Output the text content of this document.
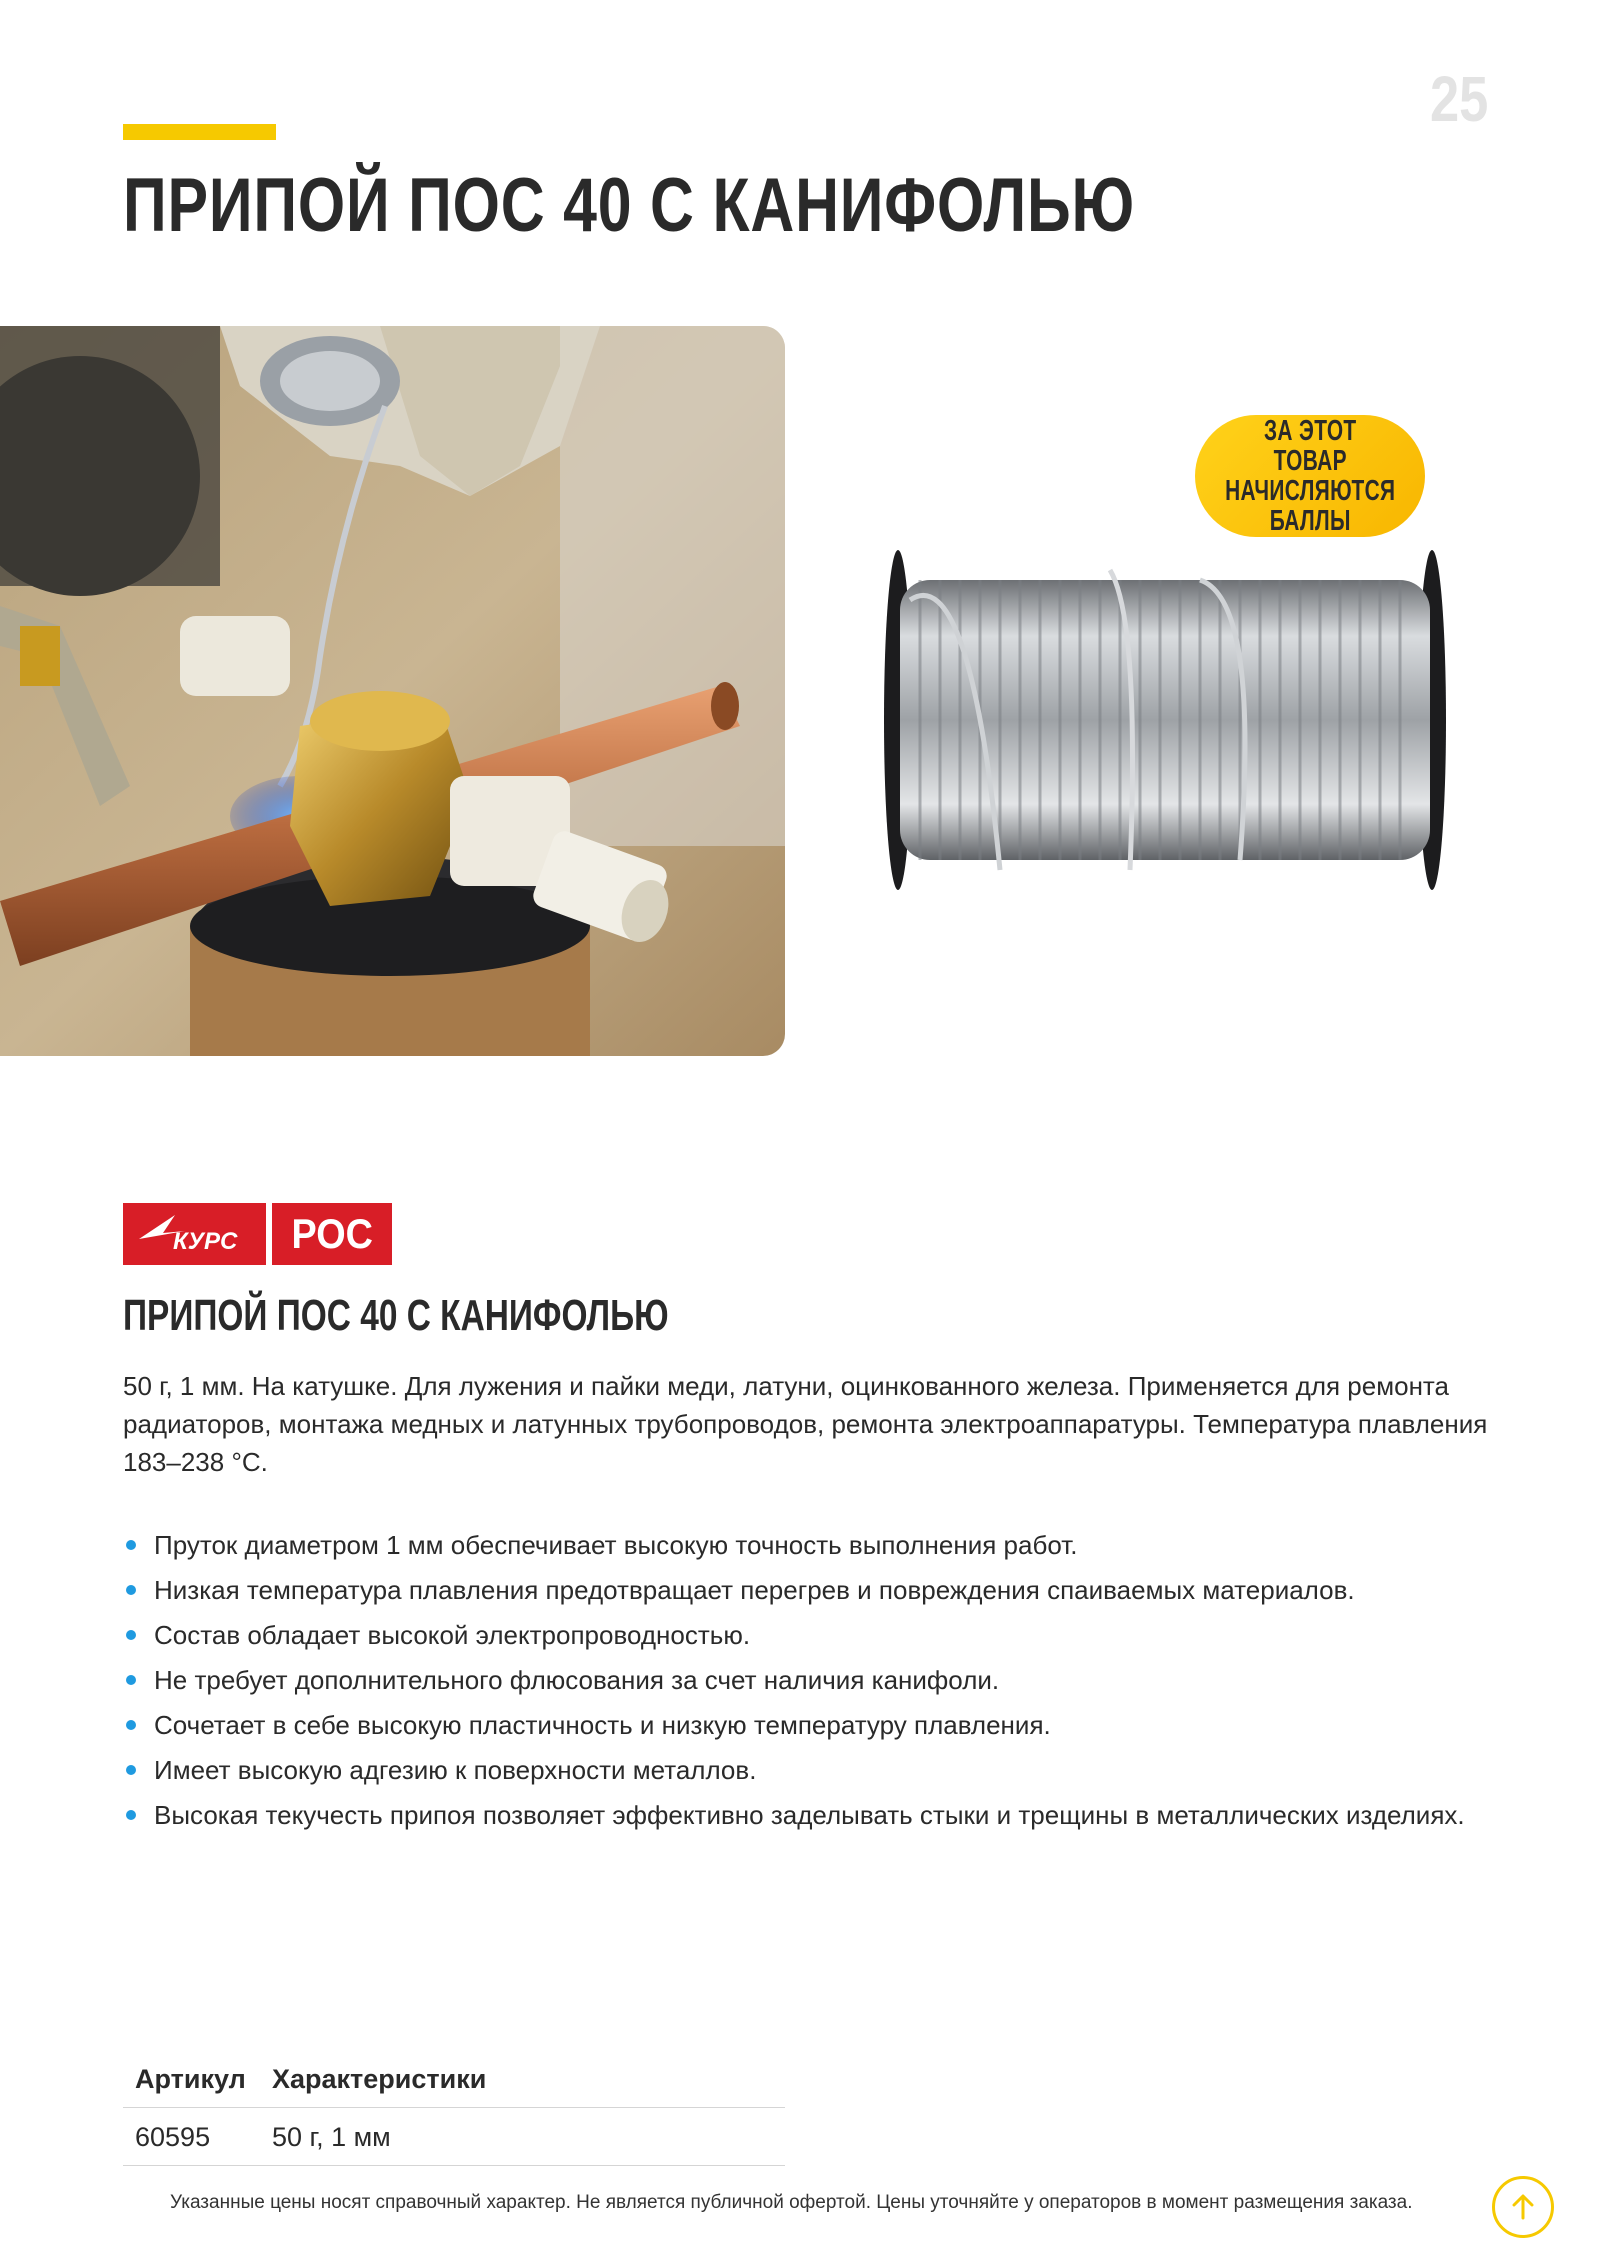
25
ПРИПОЙ ПОС 40 С КАНИФОЛЬЮ
ЗА ЭТОТ ТОВАР
НАЧИСЛЯЮТСЯ
БАЛЛЫ
КУРС РОС
ПРИПОЙ ПОС 40 С КАНИФОЛЬЮ

50 г, 1 мм. На катушке. Для лужения и пайки меди, латуни, оцинкованного железа. Применяется для ремонта радиаторов, монтажа медных и латунных трубопроводов, ремонта электроаппаратуры. Температура плавления 183–238 °C.

Пруток диаметром 1 мм обеспечивает высокую точность выполнения работ.
Низкая температура плавления предотвращает перегрев и повреждения спаиваемых материалов.
Состав обладает высокой электропроводностью.
Не требует дополнительного флюсования за счет наличия канифоли.
Сочетает в себе высокую пластичность и низкую температуру плавления.
Имеет высокую адгезию к поверхности металлов.
Высокая текучесть припоя позволяет эффективно заделывать стыки и трещины в металлических изделиях.
Артикул	Характеристики
60595	50 г, 1 мм
Указанные цены носят справочный характер. Не является публичной офертой. Цены уточняйте у операторов в момент размещения заказа.
